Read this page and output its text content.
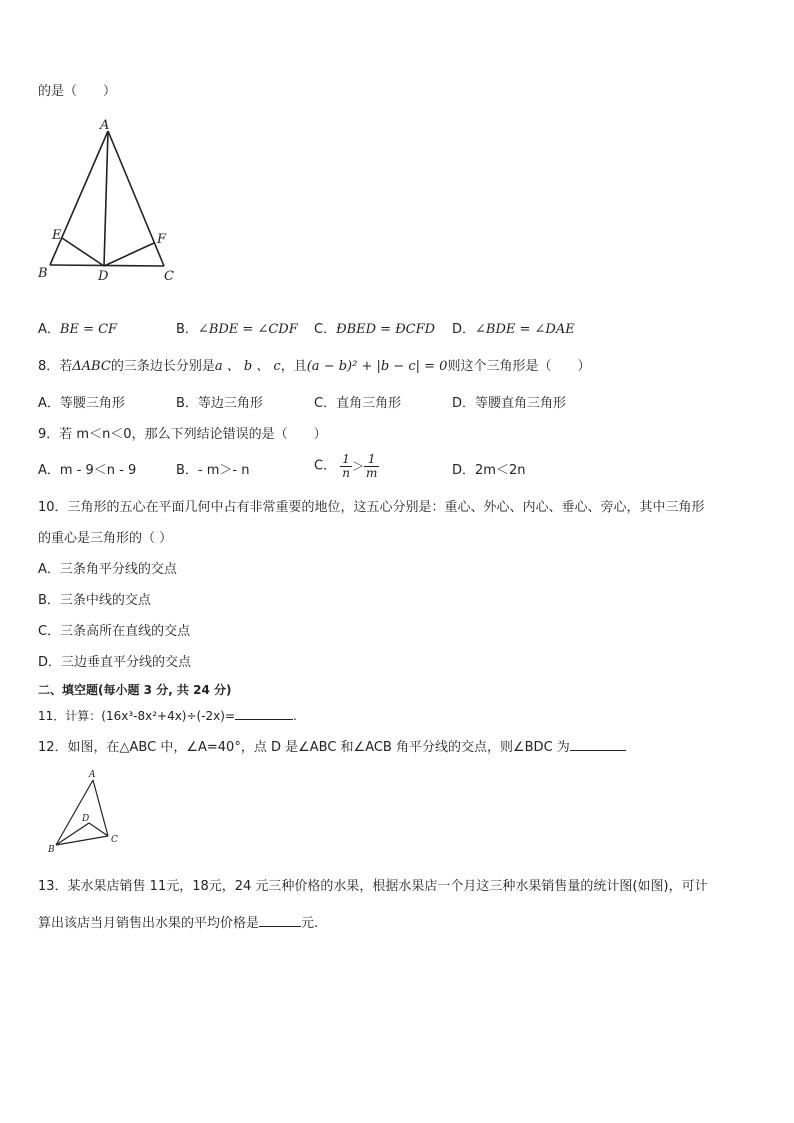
的是（　　）
A
E	F
B	D	C
A．BE = CF	B．∠BDE = ∠CDF C．ÐBED = ÐCFD D．∠BDE = ∠DAE
8．若ΔABC的三条边长分别是a 、 b 、 c，且(a − b)² + |b − c| = 0则这个三角形是（　　）
A．等腰三角形	B．等边三角形	C．直角三角形	D．等腰直角三角形
9．若 m＜n＜0，那么下列结论错误的是（　　）
A．m - 9＜n - 9	B．- m＞- n	C． $\frac{1}{n} > \frac{1}{m}$	D．2m＜2n
10．三角形的五心在平面几何中占有非常重要的地位，这五心分别是：重心、外心、内心、垂心、旁心，其中三角形
的重心是三角形的（ ）
A．三条角平分线的交点
B．三条中线的交点
C．三条高所在直线的交点
D．三边垂直平分线的交点
二、填空题(每小题 3 分, 共 24 分)
11．计算：(16x³-8x²+4x)÷(-2x)=	.
12．如图，在△ABC 中，∠A=40°，点 D 是∠ABC 和∠ACB 角平分线的交点，则∠BDC 为
A
D
B
C
13．某水果店销售 11元，18元，24 元三种价格的水果，根据水果店一个月这三种水果销售量的统计图(如图)，可计
算出该店当月销售出水果的平均价格是	元.
